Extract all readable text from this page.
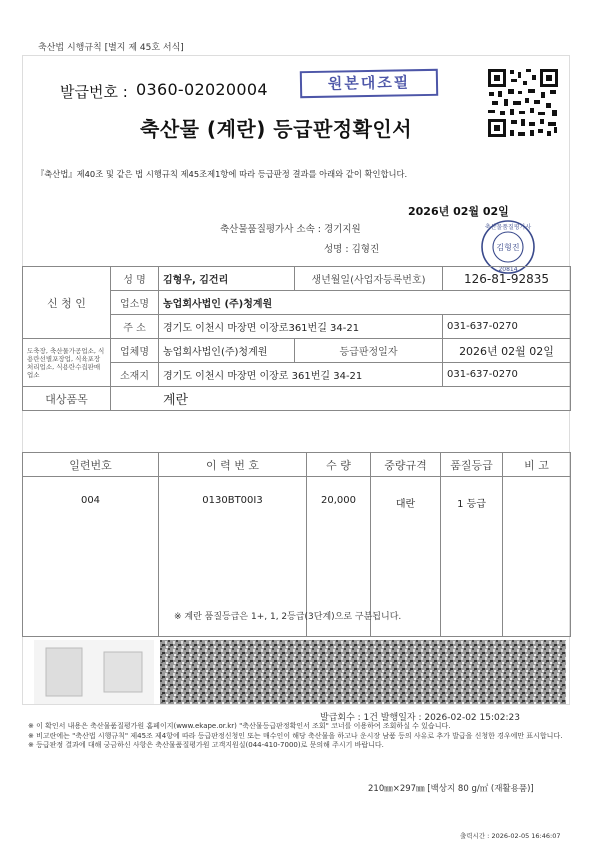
축산법 시행규칙 [별지 제 45호 서식]
발급번호 : 0360-02020004	원본대조필
축산물 (계란) 등급판정확인서
『축산법』제40조 및 같은 법 시행규칙 제45조제1항에 따라 등급판정 결과를 아래와 같이 확인합니다.
2026년 02월 02일
축산물품질평가사 소속 : 경기지원
성명 : 김형진
축산물품질평가사
김형진
20814
신 청 인	성 명	김형우, 김건리	생년월일(사업자등록번호)	126-81-92835
	업소명	농업회사법인 (주)청계원		
	주 소	경기도 이천시 마장면 이장로361번길 34-21		031-637-0270
도축장, 축산물가공업소, 식용란선별포장업, 식육포장처리업소, 식용란수집판매업소	업체명	농업회사법인(주)청계원	등급판정일자	2026년 02월 02일
	소재지	경기도 이천시 마장면 이장로 361번길 34-21		031-637-0270
대상품목	계란			
일련번호	이 력 번 호	수 량	중량규격	품질등급	비 고
004	0130BT00I3	20,000	대란	1 등급	
※ 계란 품질등급은 1+, 1, 2등급(3단계)으로 구분됩니다.
발급회수 : 1건 발행일자 : 2026-02-02 15:02:23
※ 이 확인서 내용은 축산물품질평가원 홈페이지(www.ekape.or.kr) "축산물등급판정확인서 조회" 코너를 이용하여 조회하실 수 있습니다.
※ 비고란에는 "축산법 시행규칙" 제45조 제4항에 따라 등급판정신청인 또는 매수인이 해당 축산물을 하고나 운시장 남품 등의 사유로 추가 발급을 신청한 경우에만 표시합니다.
※ 등급판정 결과에 대해 궁금하신 사항은 축산물품질평가원 고객지원실(044-410-7000)로 문의해 주시기 바랍니다.
210㎜×297㎜ [백상지 80 g/㎡ (재활용품)]
출력시간 : 2026-02-05 16:46:07
